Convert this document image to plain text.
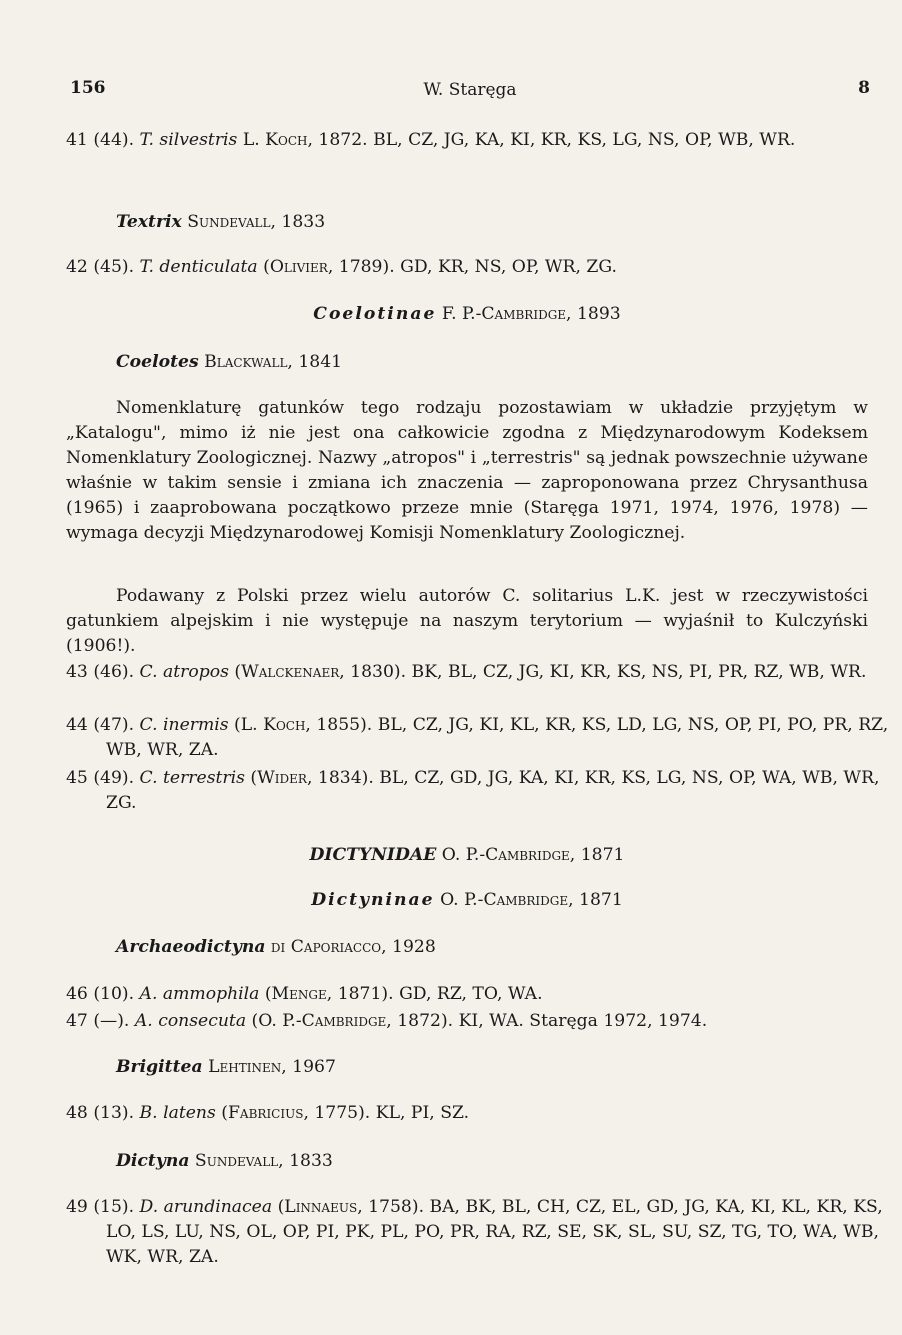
156	W. Staręga	8
41 (44). T. silvestris L. Koch, 1872. BL, CZ, JG, KA, KI, KR, KS, LG, NS, OP, WB, WR.
Textrix Sundevall, 1833
42 (45). T. denticulata (Olivier, 1789). GD, KR, NS, OP, WR, ZG.
Coelotinae F. P.-Cambridge, 1893
Coelotes Blackwall, 1841
Nomenklaturę gatunków tego rodzaju pozostawiam w układzie przyjętym w „Katalogu", mimo iż nie jest ona całkowicie zgodna z Międzynarodowym Kodeksem Nomenklatury Zoologicznej. Nazwy „atropos" i „terrestris" są jednak powszechnie używane właśnie w takim sensie i zmiana ich znaczenia — zaproponowana przez Chrysanthusa (1965) i zaaprobowana początkowo przeze mnie (Staręga 1971, 1974, 1976, 1978) — wymaga decyzji Międzynarodowej Komisji Nomenklatury Zoologicznej.
Podawany z Polski przez wielu autorów C. solitarius L.K. jest w rzeczywistości gatunkiem alpejskim i nie występuje na naszym terytorium — wyjaśnił to Kulczyński (1906!).
43 (46). C. atropos (Walckenaer, 1830). BK, BL, CZ, JG, KI, KR, KS, NS, PI, PR, RZ, WB, WR.
44 (47). C. inermis (L. Koch, 1855). BL, CZ, JG, KI, KL, KR, KS, LD, LG, NS, OP, PI, PO, PR, RZ, WB, WR, ZA.
45 (49). C. terrestris (Wider, 1834). BL, CZ, GD, JG, KA, KI, KR, KS, LG, NS, OP, WA, WB, WR, ZG.
DICTYNIDAE O. P.-Cambridge, 1871
Dictyninae O. P.-Cambridge, 1871
Archaeodictyna di Caporiacco, 1928
46 (10). A. ammophila (Menge, 1871). GD, RZ, TO, WA.
47 (—). A. consecuta (O. P.-Cambridge, 1872). KI, WA. Staręga 1972, 1974.
Brigittea Lehtinen, 1967
48 (13). B. latens (Fabricius, 1775). KL, PI, SZ.
Dictyna Sundevall, 1833
49 (15). D. arundinacea (Linnaeus, 1758). BA, BK, BL, CH, CZ, EL, GD, JG, KA, KI, KL, KR, KS, LO, LS, LU, NS, OL, OP, PI, PK, PL, PO, PR, RA, RZ, SE, SK, SL, SU, SZ, TG, TO, WA, WB, WK, WR, ZA.
